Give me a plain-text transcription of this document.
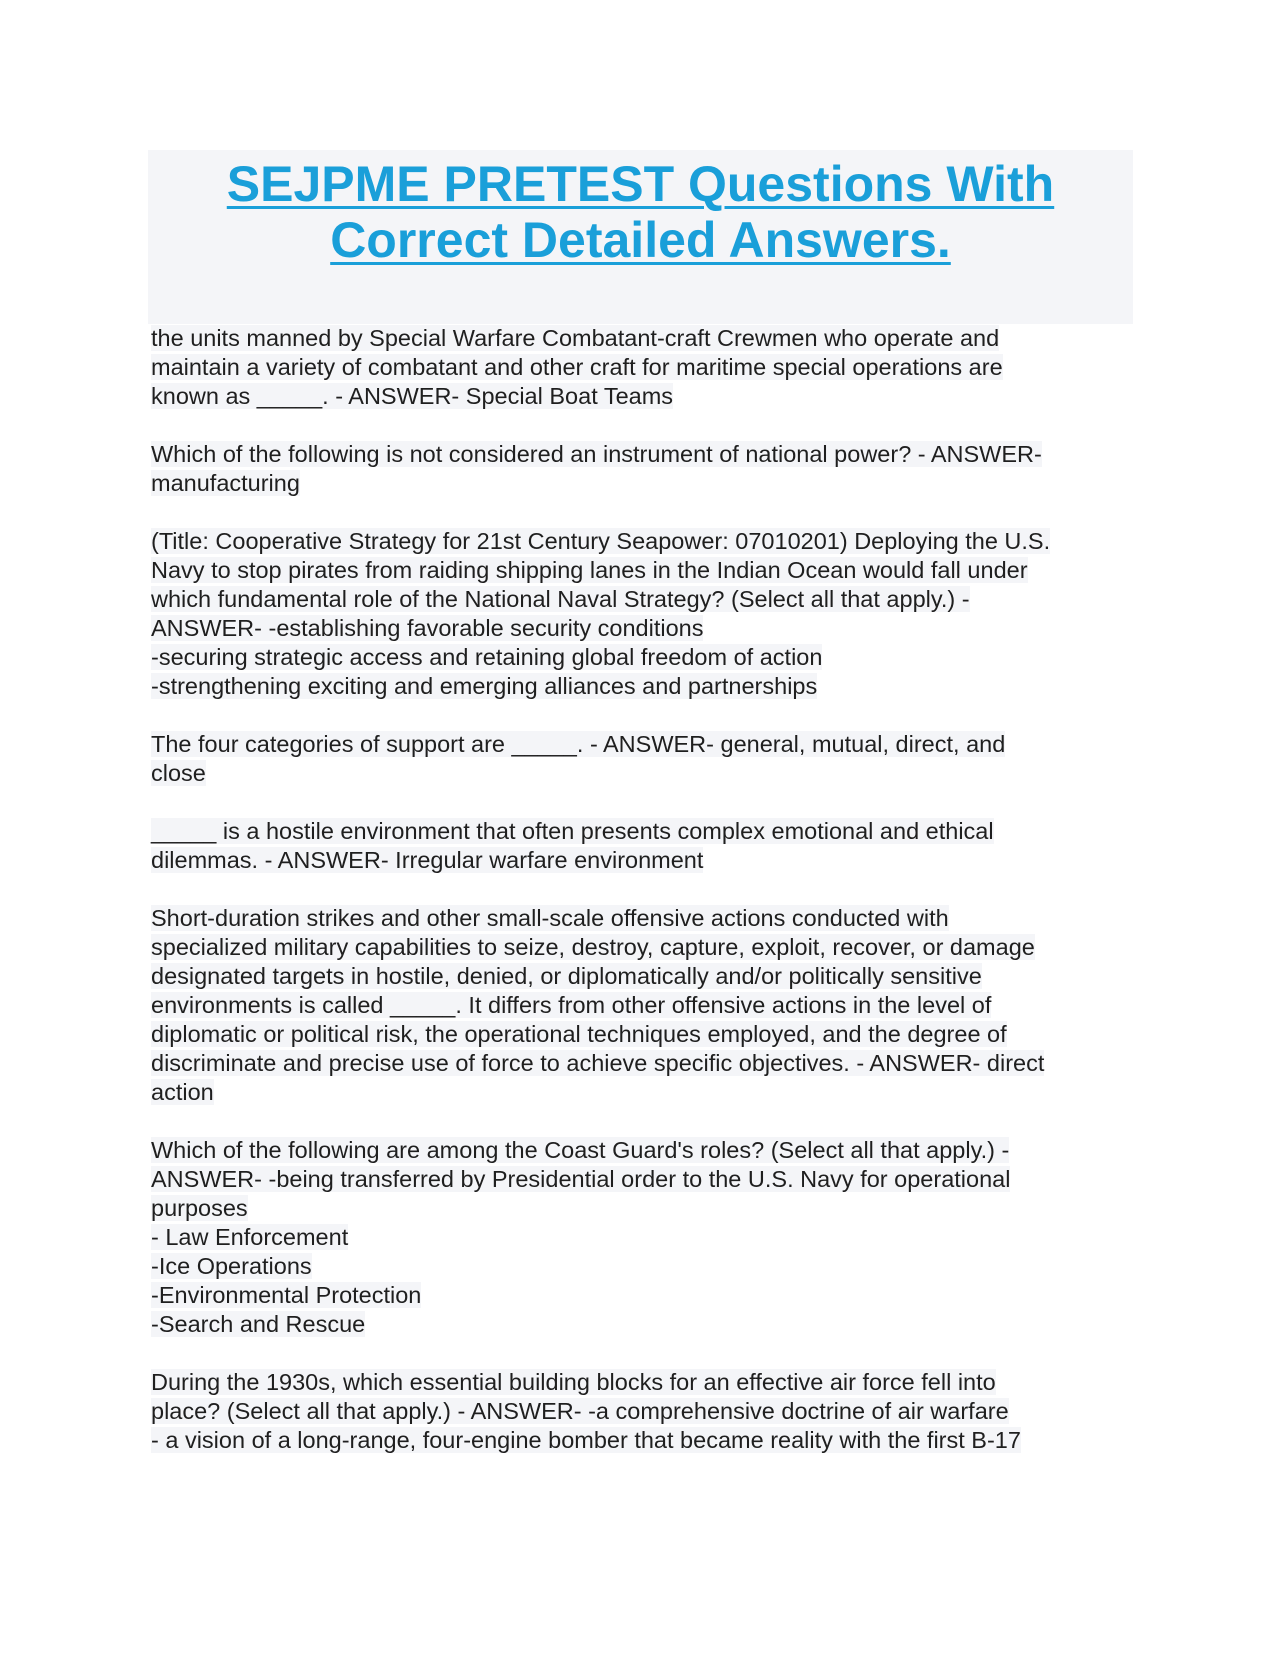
SEJPME PRETEST Questions With
Correct Detailed Answers.

the units manned by Special Warfare Combatant-craft Crewmen who operate and
maintain a variety of combatant and other craft for maritime special operations are
known as _____. - ANSWER- Special Boat Teams

Which of the following is not considered an instrument of national power? - ANSWER-
manufacturing

(Title: Cooperative Strategy for 21st Century Seapower: 07010201) Deploying the U.S.
Navy to stop pirates from raiding shipping lanes in the Indian Ocean would fall under
which fundamental role of the National Naval Strategy? (Select all that apply.) -
ANSWER- -establishing favorable security conditions
-securing strategic access and retaining global freedom of action
-strengthening exciting and emerging alliances and partnerships

The four categories of support are _____. - ANSWER- general, mutual, direct, and
close

_____ is a hostile environment that often presents complex emotional and ethical
dilemmas. - ANSWER- Irregular warfare environment

Short-duration strikes and other small-scale offensive actions conducted with
specialized military capabilities to seize, destroy, capture, exploit, recover, or damage
designated targets in hostile, denied, or diplomatically and/or politically sensitive
environments is called _____. It differs from other offensive actions in the level of
diplomatic or political risk, the operational techniques employed, and the degree of
discriminate and precise use of force to achieve specific objectives. - ANSWER- direct
action

Which of the following are among the Coast Guard's roles? (Select all that apply.) -
ANSWER- -being transferred by Presidential order to the U.S. Navy for operational
purposes
- Law Enforcement
-Ice Operations
-Environmental Protection
-Search and Rescue

During the 1930s, which essential building blocks for an effective air force fell into
place? (Select all that apply.) - ANSWER- -a comprehensive doctrine of air warfare
- a vision of a long-range, four-engine bomber that became reality with the first B-17
